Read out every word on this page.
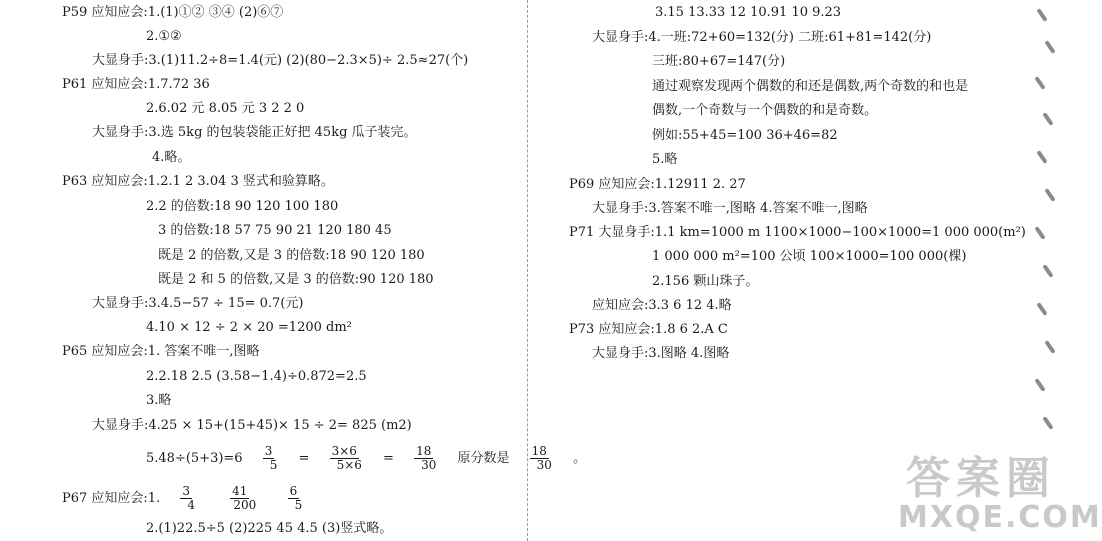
P59 应知应会:1.(1)①② ③④ (2)⑥⑦
2.①②
大显身手:3.(1)11.2÷8=1.4(元) (2)(80−2.3×5)÷ 2.5≈27(个)
P61 应知应会:1.7.72 36
2.6.02 元 8.05 元 3 2 2 0
大显身手:3.选 5kg 的包装袋能正好把 45kg 瓜子装完。
4.略。
P63 应知应会:1.2.1 2 3.04 3 竖式和验算略。
2.2 的倍数:18 90 120 100 180
3 的倍数:18 57 75 90 21 120 180 45
既是 2 的倍数,又是 3 的倍数:18 90 120 180
既是 2 和 5 的倍数,又是 3 的倍数:90 120 180
大显身手:3.4.5−57 ÷ 15= 0.7(元)
4.10 × 12 ÷ 2 × 20 =1200 dm²
P65 应知应会:1. 答案不唯一,图略
2.2.18 2.5 (3.58−1.4)÷0.872=2.5
3.略
大显身手:4.25 × 15+(15+45)× 15 ÷ 2= 825 (m2)
$5.48\div(5+3)=6 \frac{3}{5} = \frac{3\times 6}{5\times 6} = \frac{18}{30}$ 原分数是 $\frac{18}{30}$ 。
P67 应知应会:1. $\frac{3}{4}$
$\frac{41}{200}$
$\frac{6}{5}$
2.(1)22.5÷5 (2)225 45 4.5 (3)竖式略。
3.15 13.33 12 10.91 10 9.23
大显身手:4.一班:72+60=132(分) 二班:61+81=142(分)
三班:80+67=147(分)
通过观察发现两个偶数的和还是偶数,两个奇数的和也是
偶数,一个奇数与一个偶数的和是奇数。
例如:55+45=100 36+46=82
5.略
P69 应知应会:1.12911 2. 27
大显身手:3.答案不唯一,图略 4.答案不唯一,图略
P71 大显身手:1.1 km=1000 m 1100×1000−100×1000=1 000 000(m²)
1 000 000 m²=100 公顷 100×1000=100 000(棵)
2.156 颗山珠子。
应知应会:3.3 6 12 4.略
P73 应知应会:1.8 6 2.A C
大显身手:3.图略 4.图略
答案圈
MXQE.COM
